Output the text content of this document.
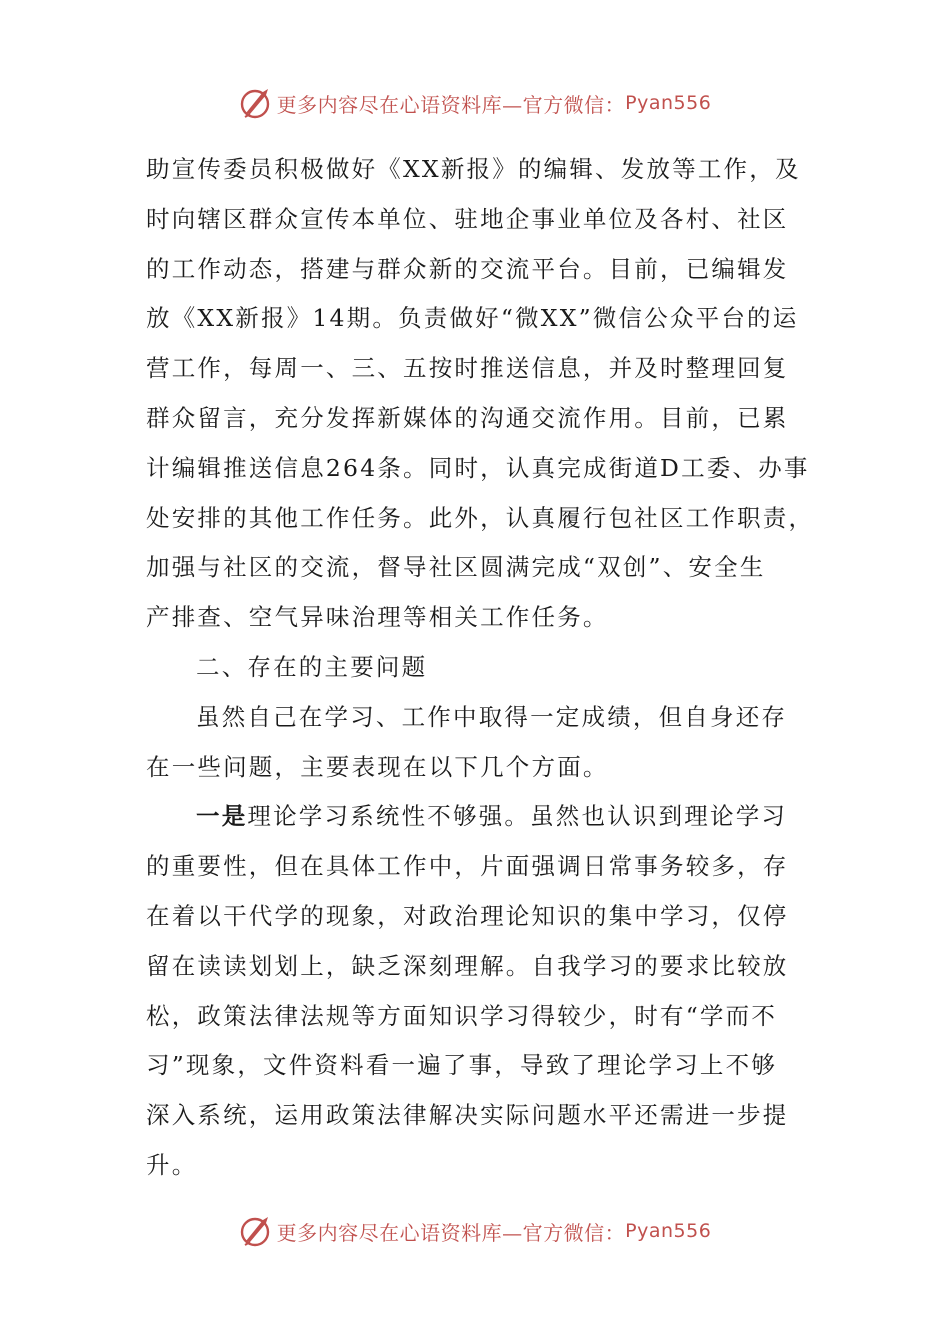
更多内容尽在心语资料库—官方微信： Pyan556

助宣传委员积极做好《XX新报》的编辑、发放等工作，及

时向辖区群众宣传本单位、驻地企事业单位及各村、社区

的工作动态，搭建与群众新的交流平台。目前，已编辑发

放《XX新报》14期。负责做好“微XX”微信公众平台的运

营工作，每周一、三、五按时推送信息，并及时整理回复

群众留言，充分发挥新媒体的沟通交流作用。目前，已累

计编辑推送信息264条。同时，认真完成街道D工委、办事

处安排的其他工作任务。此外，认真履行包社区工作职责，

加强与社区的交流，督导社区圆满完成“双创”、安全生

产排查、空气异味治理等相关工作任务。

二、存在的主要问题

虽然自己在学习、工作中取得一定成绩，但自身还存

在一些问题，主要表现在以下几个方面。

一是理论学习系统性不够强。虽然也认识到理论学习

的重要性，但在具体工作中，片面强调日常事务较多，存

在着以干代学的现象，对政治理论知识的集中学习，仅停

留在读读划划上，缺乏深刻理解。自我学习的要求比较放

松，政策法律法规等方面知识学习得较少，时有“学而不

习”现象，文件资料看一遍了事，导致了理论学习上不够

深入系统，运用政策法律解决实际问题水平还需进一步提

升。

更多内容尽在心语资料库—官方微信： Pyan556
